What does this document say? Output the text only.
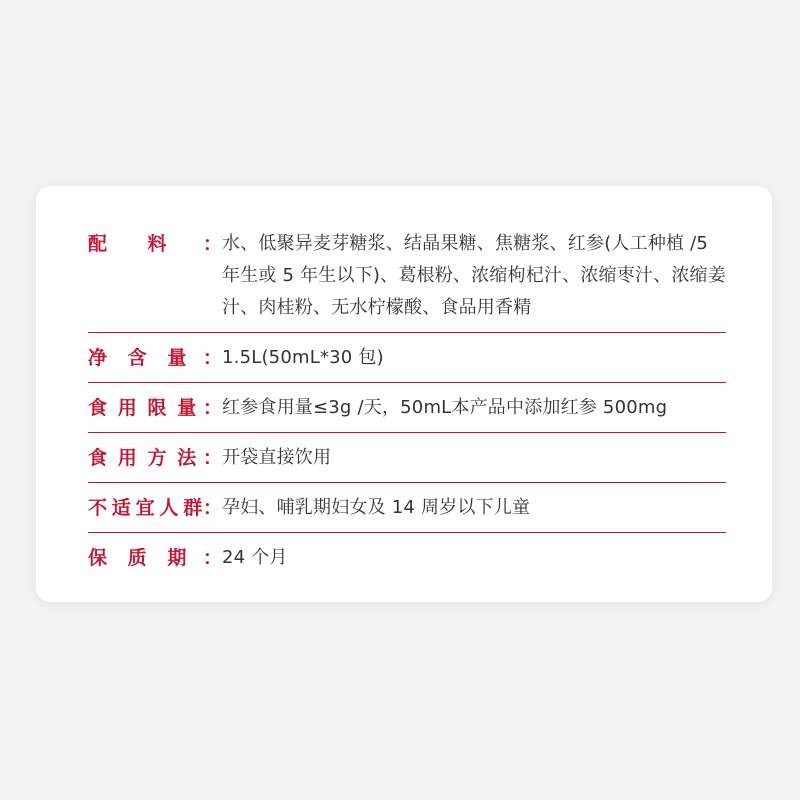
配 料 ： 水、低聚异麦芽糖浆、结晶果糖、焦糖浆、红参(人工种植 /5 年生或 5 年生以下)、葛根粉、浓缩枸杞汁、浓缩枣汁、浓缩姜汁、肉桂粉、无水柠檬酸、食品用香精
净 含 量 ： 1.5L(50mL*30 包)
食 用 限 量 ： 红参食用量≤3g /天，50mL本产品中添加红参 500mg
食 用 方 法 ： 开袋直接饮用
不 适 宜 人 群 ： 孕妇、哺乳期妇女及 14 周岁以下儿童
保 质 期 ： 24 个月
